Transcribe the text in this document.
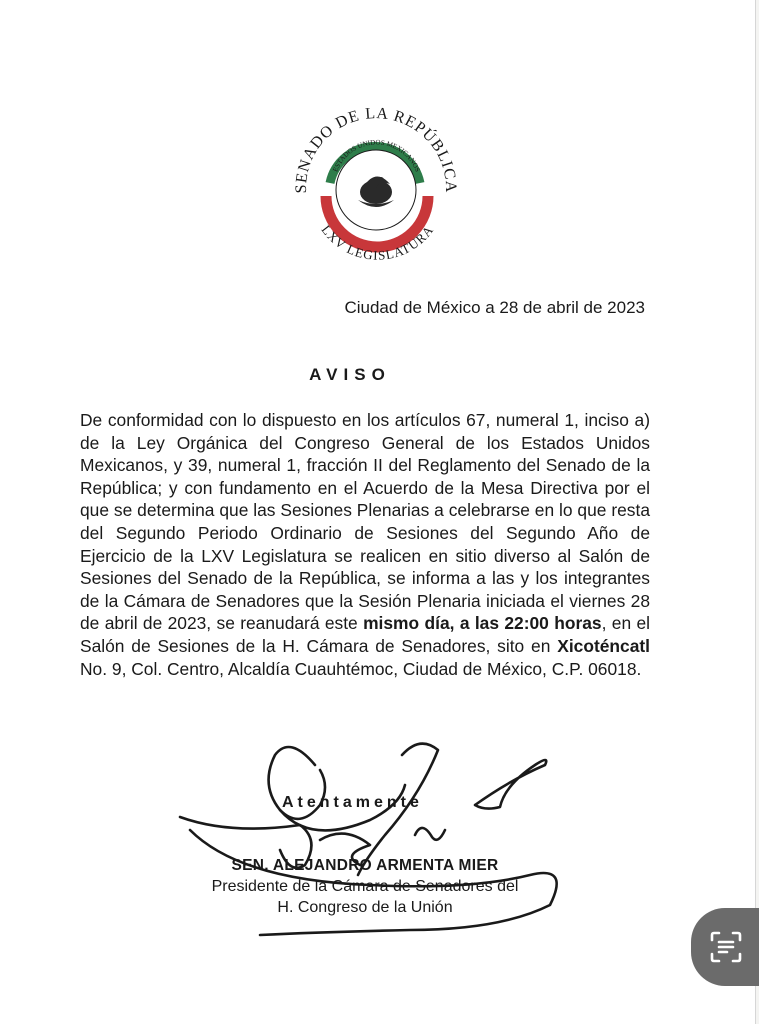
SENADO DE LA REPÚBLICA
ESTADOS UNIDOS MEXICANOS
LXV LEGISLATURA
Ciudad de México a 28 de abril de 2023
AVISO
De conformidad con lo dispuesto en los artículos 67, numeral 1, inciso a) de la Ley Orgánica del Congreso General de los Estados Unidos Mexicanos, y 39, numeral 1, fracción II del Reglamento del Senado de la República; y con fundamento en el Acuerdo de la Mesa Directiva por el que se determina que las Sesiones Plenarias a celebrarse en lo que resta del Segundo Periodo Ordinario de Sesiones del Segundo Año de Ejercicio de la LXV Legislatura se realicen en sitio diverso al Salón de Sesiones del Senado de la República, se informa a las y los integrantes de la Cámara de Senadores que la Sesión Plenaria iniciada el viernes 28 de abril de 2023, se reanudará este mismo día, a las 22:00 horas, en el Salón de Sesiones de la H. Cámara de Senadores, sito en Xicoténcatl No. 9, Col. Centro, Alcaldía Cuauhtémoc, Ciudad de México, C.P. 06018.
Atentamente
SEN. ALEJANDRO ARMENTA MIER
Presidente de la Cámara de Senadores del
H. Congreso de la Unión
